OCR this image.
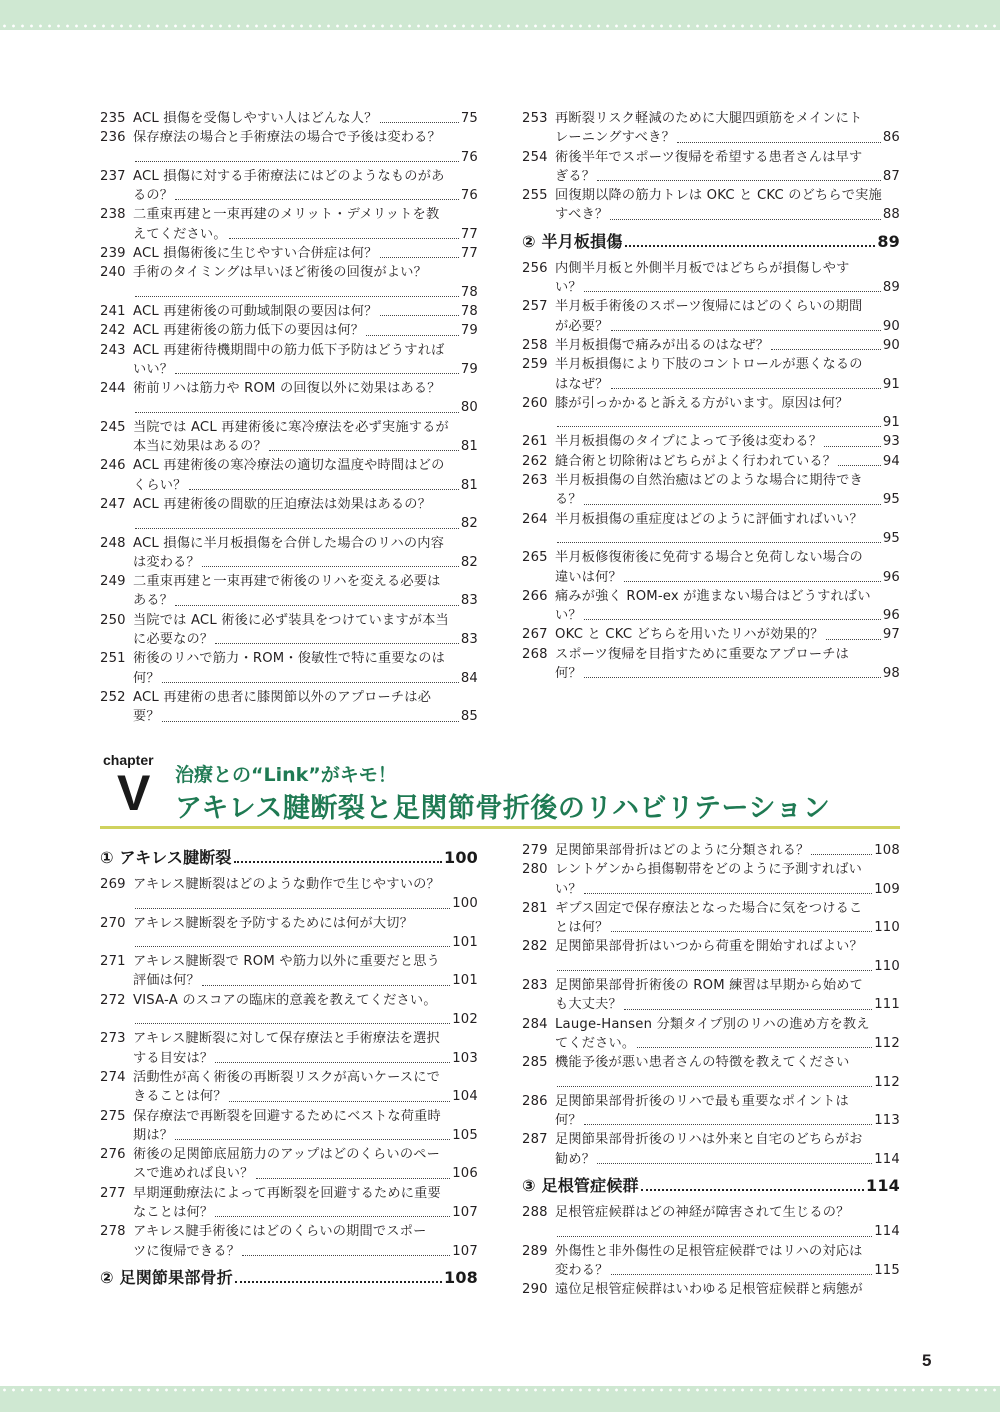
235 ACL 損傷を受傷しやすい人はどんな人？	75
236 保存療法の場合と手術療法の場合で予後は変わる？
76
237 ACL 損傷に対する手術療法にはどのようなものがあ
るの？	76
238 二重束再建と一束再建のメリット・デメリットを教
えてください。	77
239 ACL 損傷術後に生じやすい合併症は何？	77
240 手術のタイミングは早いほど術後の回復がよい？
78
241 ACL 再建術後の可動域制限の要因は何？	78
242 ACL 再建術後の筋力低下の要因は何？	79
243 ACL 再建術待機期間中の筋力低下予防はどうすれば
いい？	79
244 術前リハは筋力や ROM の回復以外に効果はある？
80
245 当院では ACL 再建術後に寒冷療法を必ず実施するが
本当に効果はあるの？	81
246 ACL 再建術後の寒冷療法の適切な温度や時間はどの
くらい？	81
247 ACL 再建術後の間歇的圧迫療法は効果はあるの？
82
248 ACL 損傷に半月板損傷を合併した場合のリハの内容
は変わる？	82
249 二重束再建と一束再建で術後のリハを変える必要は
ある？	83
250 当院では ACL 術後に必ず装具をつけていますが本当
に必要なの？	83
251 術後のリハで筋力・ROM・俊敏性で特に重要なのは
何？	84
252 ACL 再建術の患者に膝関節以外のアプローチは必
要？	85
253 再断裂リスク軽減のために大腿四頭筋をメインにト
レーニングすべき？	86
254 術後半年でスポーツ復帰を希望する患者さんは早す
ぎる？	87
255 回復期以降の筋力トレは OKC と CKC のどちらで実施
すべき？	88
② 半月板損傷	89
256 内側半月板と外側半月板ではどちらが損傷しやす
い？	89
257 半月板手術後のスポーツ復帰にはどのくらいの期間
が必要？	90
258 半月板損傷で痛みが出るのはなぜ？	90
259 半月板損傷により下肢のコントロールが悪くなるの
はなぜ？	91
260 膝が引っかかると訴える方がいます。原因は何？
91
261 半月板損傷のタイプによって予後は変わる？	93
262 縫合術と切除術はどちらがよく行われている？	94
263 半月板損傷の自然治癒はどのような場合に期待でき
る？	95
264 半月板損傷の重症度はどのように評価すればいい？
95
265 半月板修復術後に免荷する場合と免荷しない場合の
違いは何？	96
266 痛みが強く ROM-ex が進まない場合はどうすればい
い？	96
267 OKC と CKC どちらを用いたリハが効果的？	97
268 スポーツ復帰を目指すために重要なアプローチは
何？	98
chapter
V 治療との“Link”がキモ！
アキレス腱断裂と足関節骨折後のリハビリテーション
① アキレス腱断裂	100
269 アキレス腱断裂はどのような動作で生じやすいの？
100
270 アキレス腱断裂を予防するためには何が大切？
101
271 アキレス腱断裂で ROM や筋力以外に重要だと思う
評価は何？	101
272 VISA-A のスコアの臨床的意義を教えてください。
102
273 アキレス腱断裂に対して保存療法と手術療法を選択
する目安は？	103
274 活動性が高く術後の再断裂リスクが高いケースにで
きることは何？	104
275 保存療法で再断裂を回避するためにベストな荷重時
期は？	105
276 術後の足関節底屈筋力のアップはどのくらいのペー
スで進めれば良い？	106
277 早期運動療法によって再断裂を回避するために重要
なことは何？	107
278 アキレス腱手術後にはどのくらいの期間でスポー
ツに復帰できる？	107
② 足関節果部骨折	108
279 足関節果部骨折はどのように分類される？	108
280 レントゲンから損傷靭帯をどのように予測すればい
い？	109
281 ギプス固定で保存療法となった場合に気をつけるこ
とは何？	110
282 足関節果部骨折はいつから荷重を開始すればよい？
110
283 足関節果部骨折術後の ROM 練習は早期から始めて
も大丈夫？	111
284 Lauge-Hansen 分類タイプ別のリハの進め方を教え
てください。	112
285 機能予後が悪い患者さんの特徴を教えてください
112
286 足関節果部骨折後のリハで最も重要なポイントは
何？	113
287 足関節果部骨折後のリハは外来と自宅のどちらがお
勧め？	114
③ 足根管症候群	114
288 足根管症候群はどの神経が障害されて生じるの？
114
289 外傷性と非外傷性の足根管症候群ではリハの対応は
変わる？	115
290 遠位足根管症候群はいわゆる足根管症候群と病態が
5
